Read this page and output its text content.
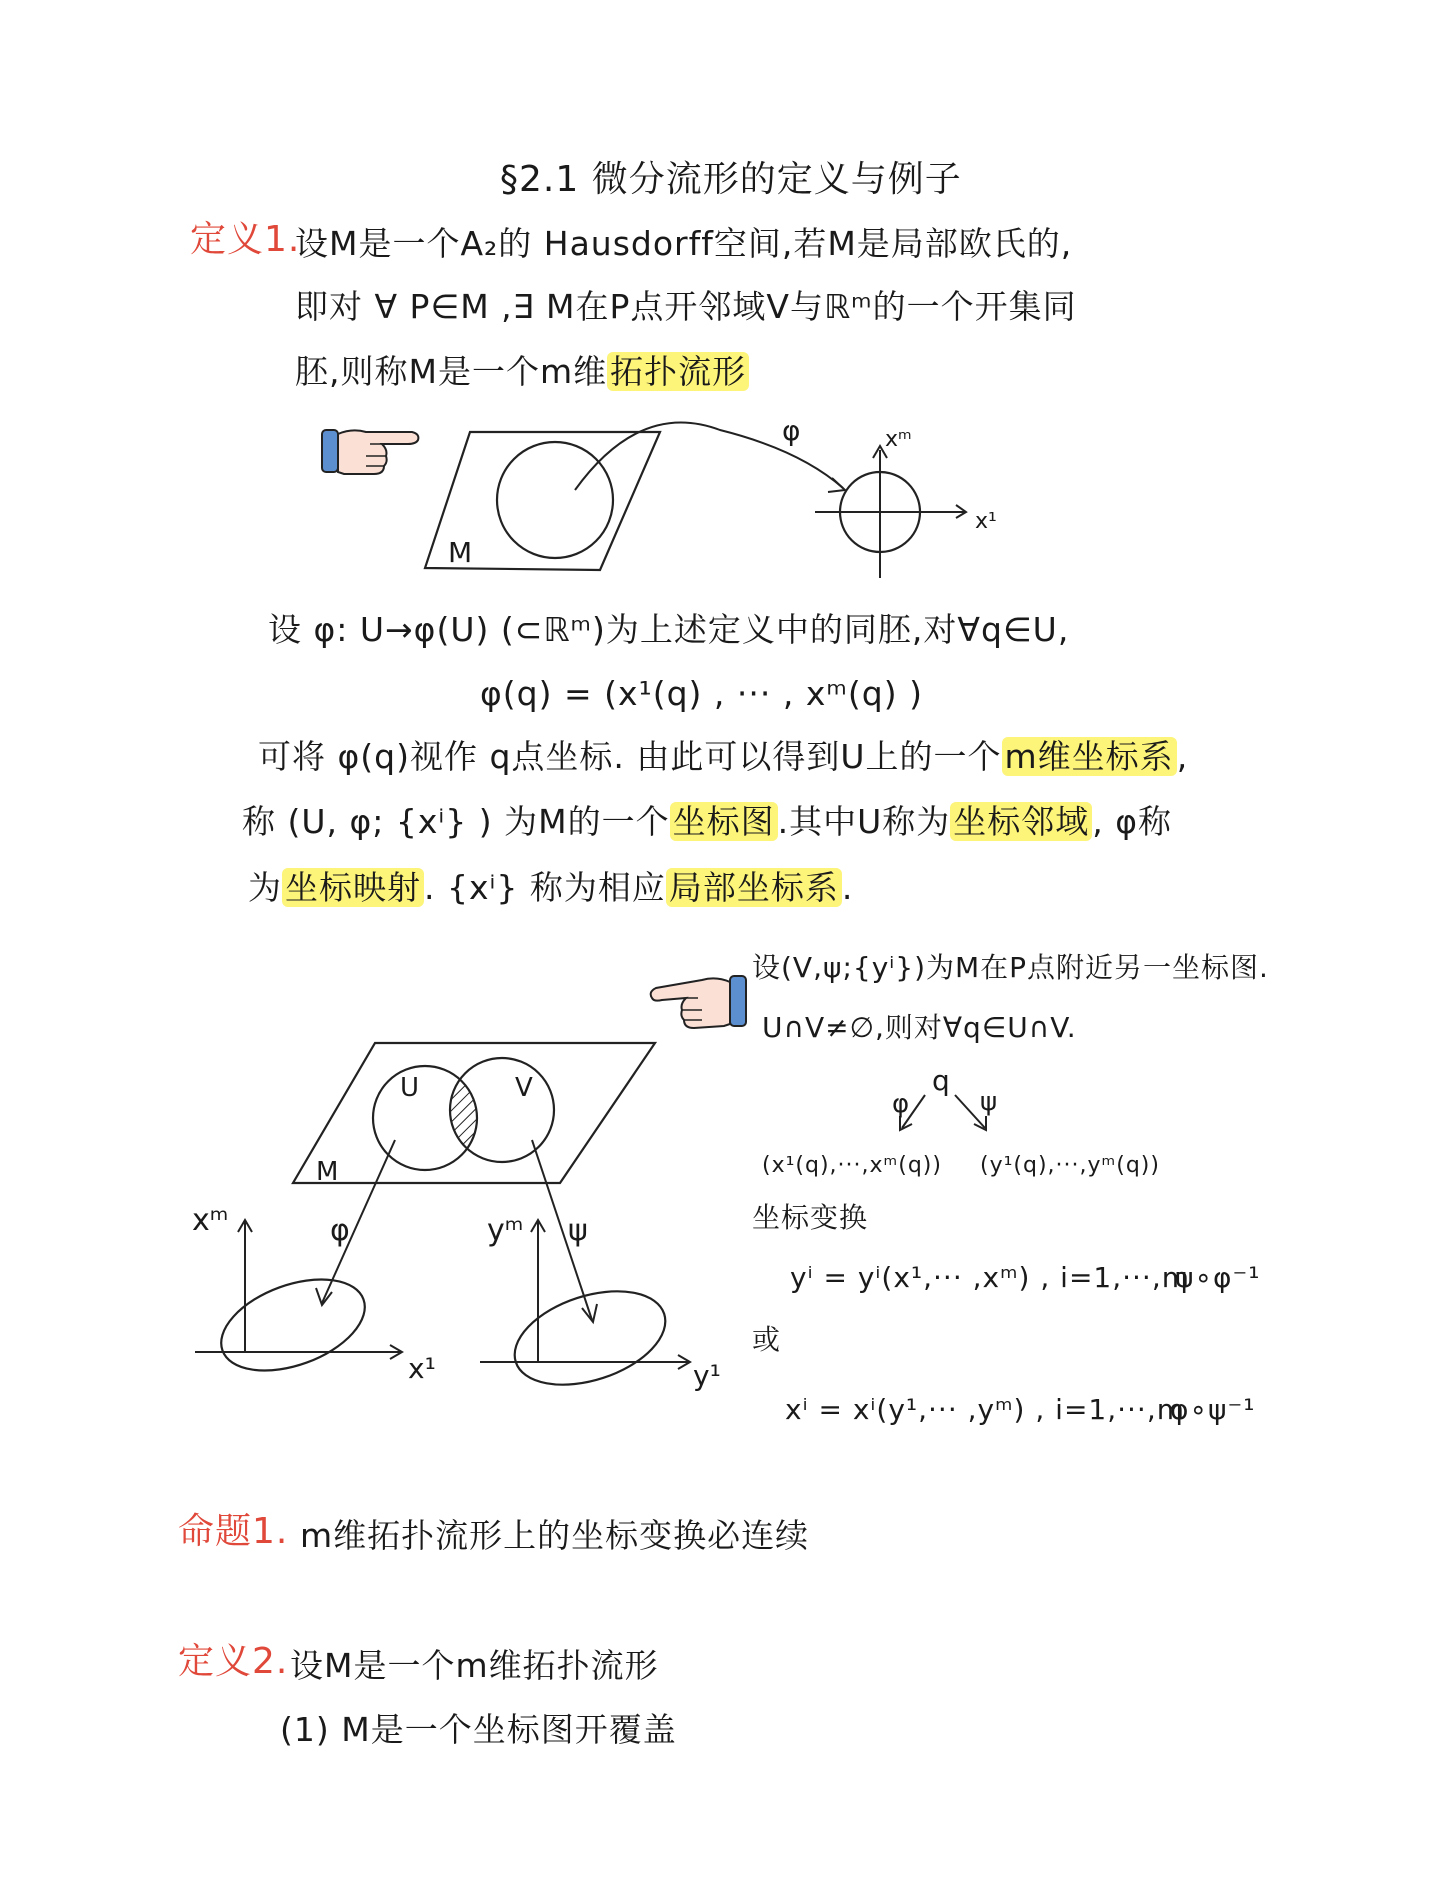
§2.1 微分流形的定义与例子
定义1.
设M是一个A₂的 Hausdorff空间,若M是局部欧氏的,
即对 ∀ P∈M ,∃ M在P点开邻域V与ℝᵐ的一个开集同
胚,则称M是一个m维拓扑流形
M
φ
x¹
xᵐ
U	V
M
φ	ψ
xᵐ
x¹
yᵐ
y¹
q
φ	ψ
设 φ: U→φ(U) (⊂ℝᵐ)为上述定义中的同胚,对∀q∈U,
φ(q) = (x¹(q) , ··· , xᵐ(q) )
可将 φ(q)视作 q点坐标. 由此可以得到U上的一个m维坐标系,
称 (U, φ; {xⁱ} ) 为M的一个坐标图.其中U称为坐标邻域, φ称
为坐标映射. {xⁱ} 称为相应局部坐标系.
设(V,ψ;{yⁱ})为M在P点附近另一坐标图.
U∩V≠∅,则对∀q∈U∩V.
(x¹(q),···,xᵐ(q)) (y¹(q),···,yᵐ(q))
坐标变换
yⁱ = yⁱ(x¹,··· ,xᵐ) , i=1,···,m
ψ∘φ⁻¹
或
xⁱ = xⁱ(y¹,··· ,yᵐ) , i=1,···,m
φ∘ψ⁻¹
命题1. m维拓扑流形上的坐标变换必连续
定义2. 设M是一个m维拓扑流形
(1) M是一个坐标图开覆盖
